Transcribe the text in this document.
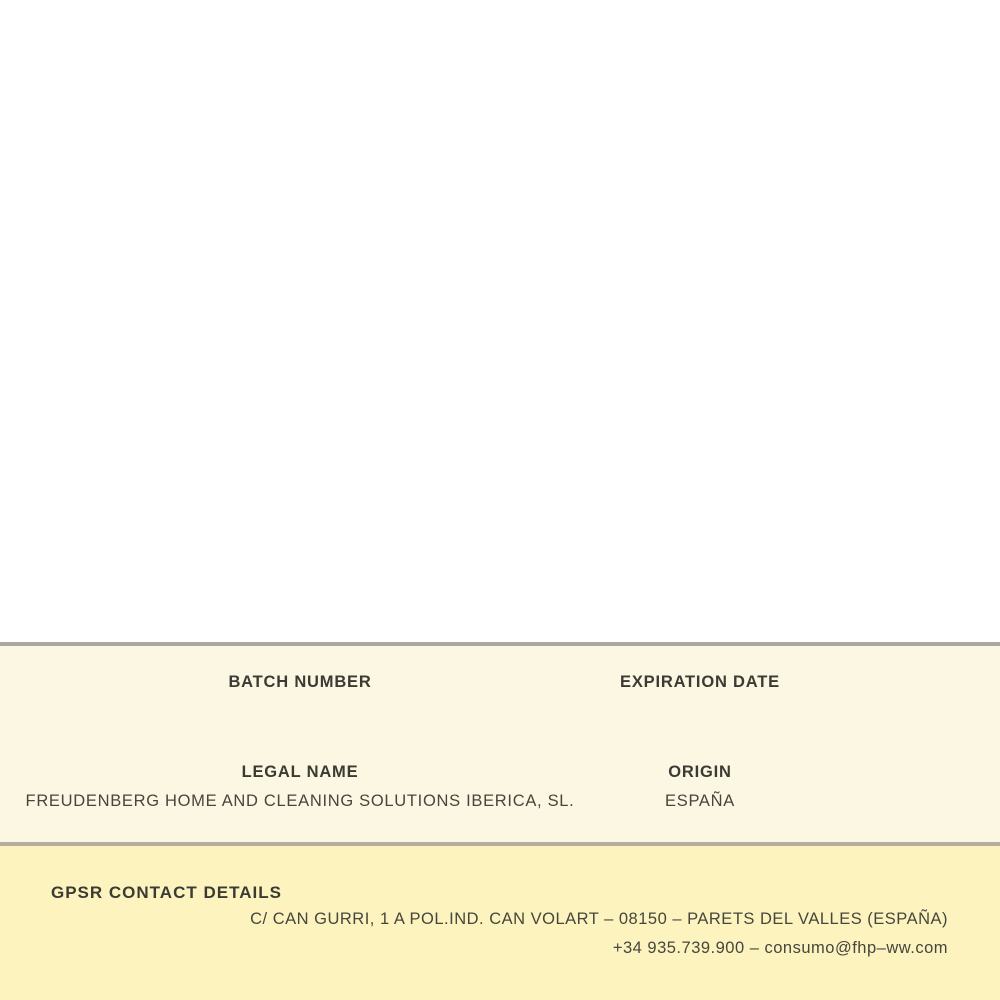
BATCH NUMBER	EXPIRATION DATE
LEGAL NAME	ORIGIN
FREUDENBERG HOME AND CLEANING SOLUTIONS IBERICA, SL.	ESPAÑA
GPSR CONTACT DETAILS
C/ CAN GURRI, 1 A POL.IND. CAN VOLART – 08150 – PARETS DEL VALLES (ESPAÑA)
+34 935.739.900 – consumo@fhp–ww.com
